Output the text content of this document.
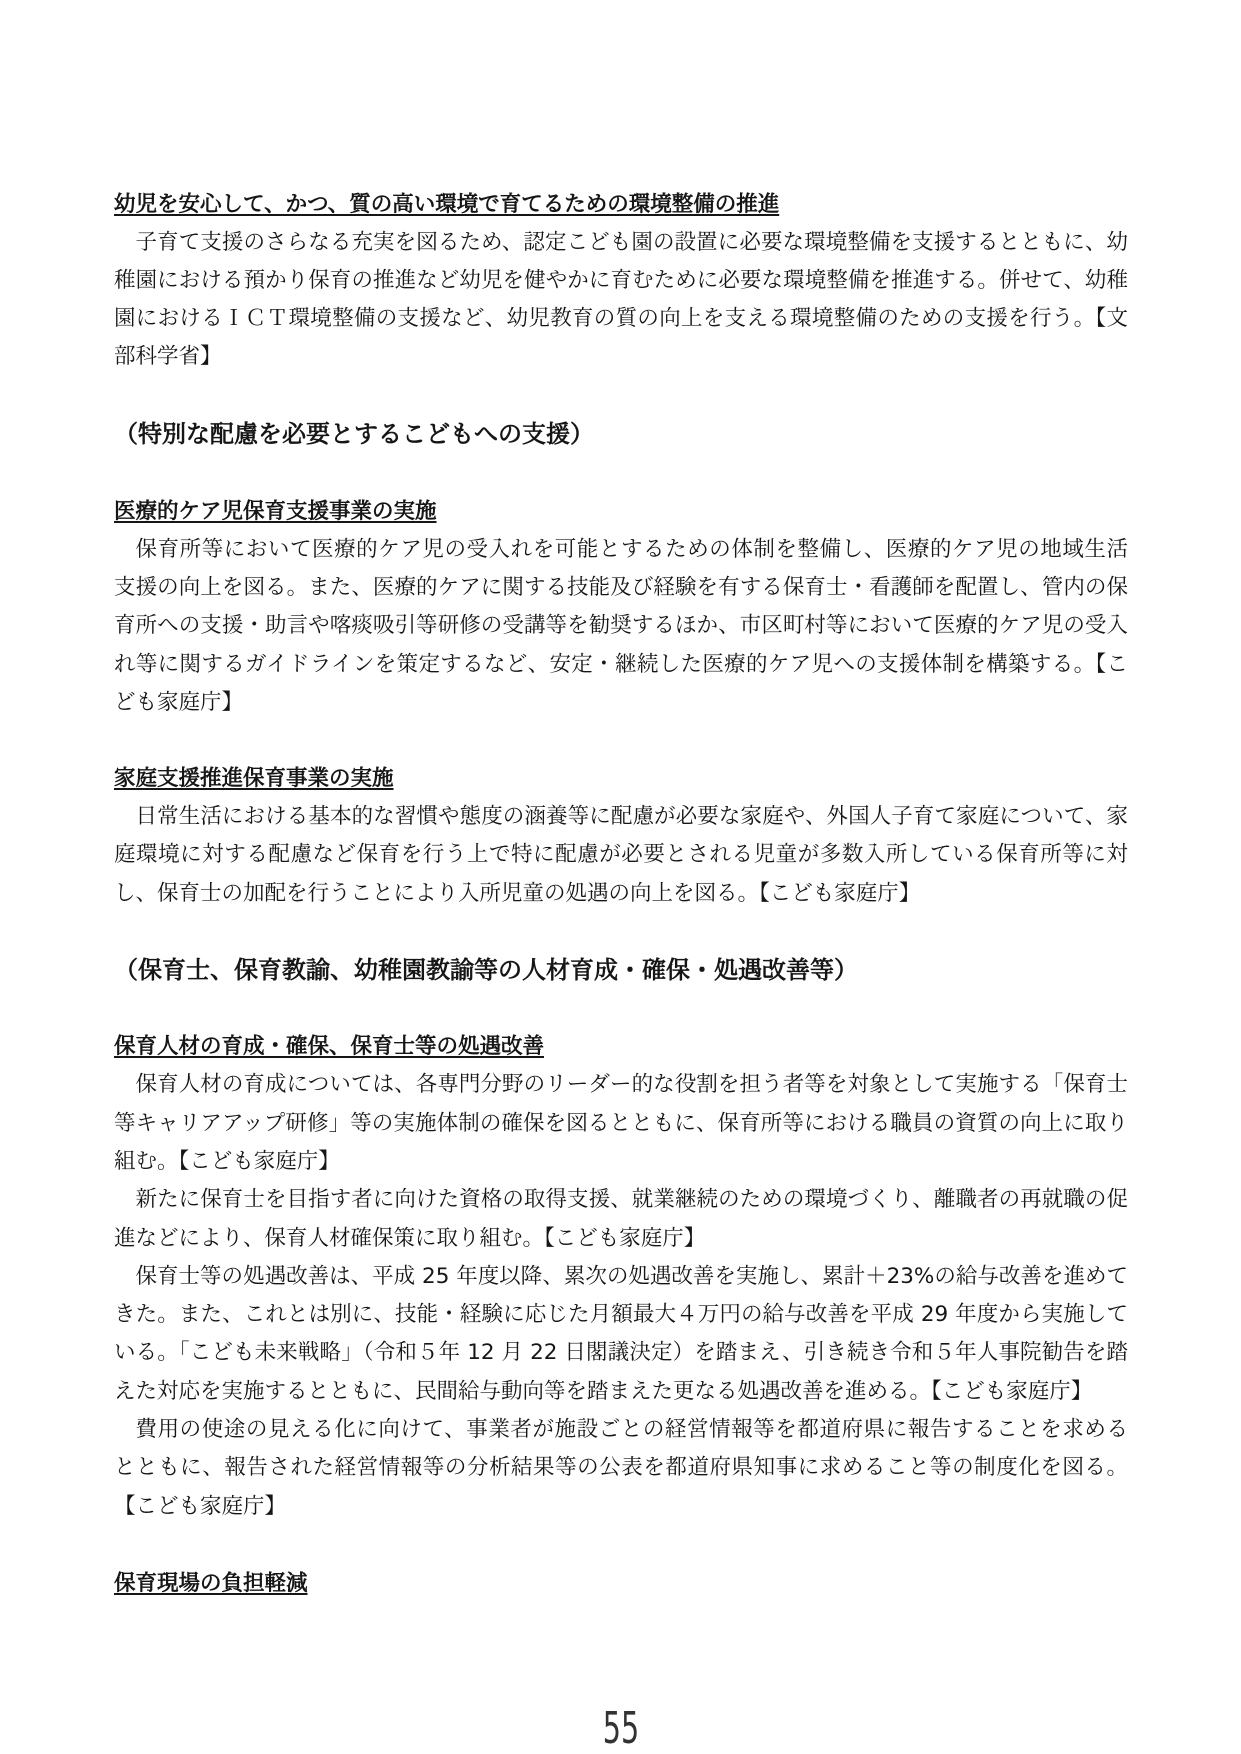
幼児を安心して、かつ、質の高い環境で育てるための環境整備の推進
子育て支援のさらなる充実を図るため、認定こども園の設置に必要な環境整備を支援するとともに、幼
稚園における預かり保育の推進など幼児を健やかに育むために必要な環境整備を推進する。併せて、幼稚
園におけるＩＣＴ環境整備の支援など、幼児教育の質の向上を支える環境整備のための支援を行う。【文
部科学省】
（特別な配慮を必要とするこどもへの支援）
医療的ケア児保育支援事業の実施
保育所等において医療的ケア児の受入れを可能とするための体制を整備し、医療的ケア児の地域生活
支援の向上を図る。また、医療的ケアに関する技能及び経験を有する保育士・看護師を配置し、管内の保
育所への支援・助言や喀痰吸引等研修の受講等を勧奨するほか、市区町村等において医療的ケア児の受入
れ等に関するガイドラインを策定するなど、安定・継続した医療的ケア児への支援体制を構築する。【こ
ども家庭庁】
家庭支援推進保育事業の実施
日常生活における基本的な習慣や態度の涵養等に配慮が必要な家庭や、外国人子育て家庭について、家
庭環境に対する配慮など保育を行う上で特に配慮が必要とされる児童が多数入所している保育所等に対
し、保育士の加配を行うことにより入所児童の処遇の向上を図る。【こども家庭庁】
（保育士、保育教諭、幼稚園教諭等の人材育成・確保・処遇改善等）
保育人材の育成・確保、保育士等の処遇改善
保育人材の育成については、各専門分野のリーダー的な役割を担う者等を対象として実施する「保育士
等キャリアアップ研修」等の実施体制の確保を図るとともに、保育所等における職員の資質の向上に取り
組む。【こども家庭庁】
新たに保育士を目指す者に向けた資格の取得支援、就業継続のための環境づくり、離職者の再就職の促
進などにより、保育人材確保策に取り組む。【こども家庭庁】
保育士等の処遇改善は、平成 25 年度以降、累次の処遇改善を実施し、累計＋23%の給与改善を進めて
きた。また、これとは別に、技能・経験に応じた月額最大４万円の給与改善を平成 29 年度から実施して
いる。「こども未来戦略」（令和５年 12 月 22 日閣議決定）を踏まえ、引き続き令和５年人事院勧告を踏
えた対応を実施するとともに、民間給与動向等を踏まえた更なる処遇改善を進める。【こども家庭庁】
費用の使途の見える化に向けて、事業者が施設ごとの経営情報等を都道府県に報告することを求める
とともに、報告された経営情報等の分析結果等の公表を都道府県知事に求めること等の制度化を図る。
【こども家庭庁】
保育現場の負担軽減
55
